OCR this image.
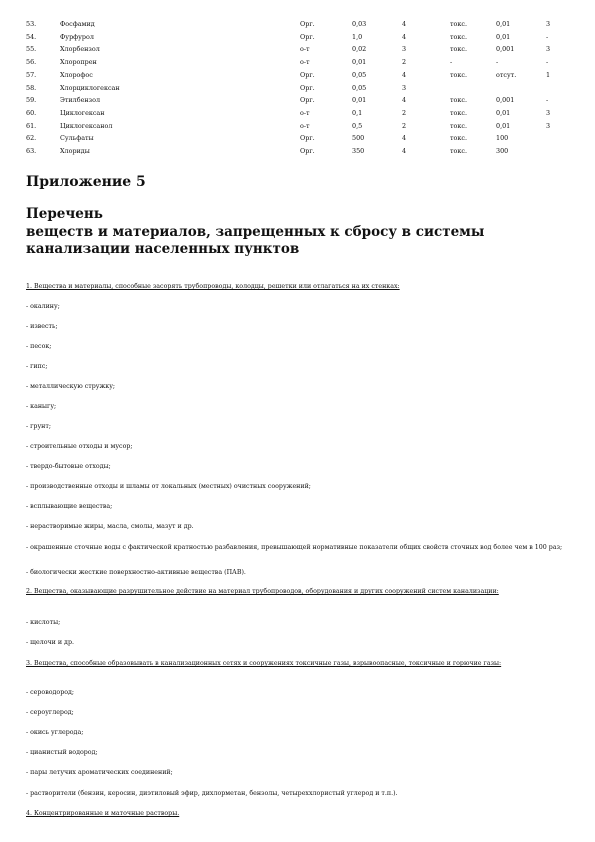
53.	Фосфамид	Орг.	0,03	4	токс.	0,01	3
54.	Фурфурол	Орг.	1,0	4	токс.	0,01	-
55.	Хлорбензол	о-т	0,02	3	токс.	0,001	3
56.	Хлоропрен	о-т	0,01	2	-	-	-
57.	Хлорофос	Орг.	0,05	4	токс.	отсут.	1
58.	Хлорциклогексан	Орг.	0,05	3			
59.	Этилбензол	Орг.	0,01	4	токс.	0,001	-
60.	Циклогексан	о-т	0,1	2	токс.	0,01	3
61.	Циклогексанол	о-т	0,5	2	токс.	0,01	3
62.	Сульфаты	Орг.	500	4	токс.	100	
63.	Хлориды	Орг.	350	4	токс.	300	
Приложение 5
Перечень
веществ и материалов, запрещенных к сбросу в системы
канализации населенных пунктов
1. Вещества и материалы, способные засорять трубопроводы, колодцы, решетки или отлагаться на их стенках:
- окалину;
- известь;
- песок;
- гипс;
- металлическую стружку;
- каныгу;
- грунт;
- строительные отходы и мусор;
- твердо-бытовые отходы;
- производственные отходы и шламы от локальных (местных) очистных сооружений;
- всплывающие вещества;
- нерастворимые жиры, масла, смолы, мазут и др.
- окрашенные сточные воды с фактической кратностью разбавления, превышающей нормативные показатели общих свойств сточных вод более чем в 100 раз;
- биологически жесткие поверхностно-активные вещества (ПАВ).
2. Вещества, оказывающие разрушительное действие на материал трубопроводов, оборудования и других сооружений систем канализации:
- кислоты;
- щелочи и др.
3. Вещества, способные образовывать в канализационных сетях и сооружениях токсичные газы, взрывоопасные, токсичные и горючие газы:
- сероводород;
- сероуглерод;
- окись углерода;
- цианистый водород;
- пары летучих ароматических соединений;
- растворители (бензин, керосин, диэтиловый эфир, дихлорметан, бензолы, четыреххлористый углерод и т.п.).
4. Концентрированные и маточные растворы.
